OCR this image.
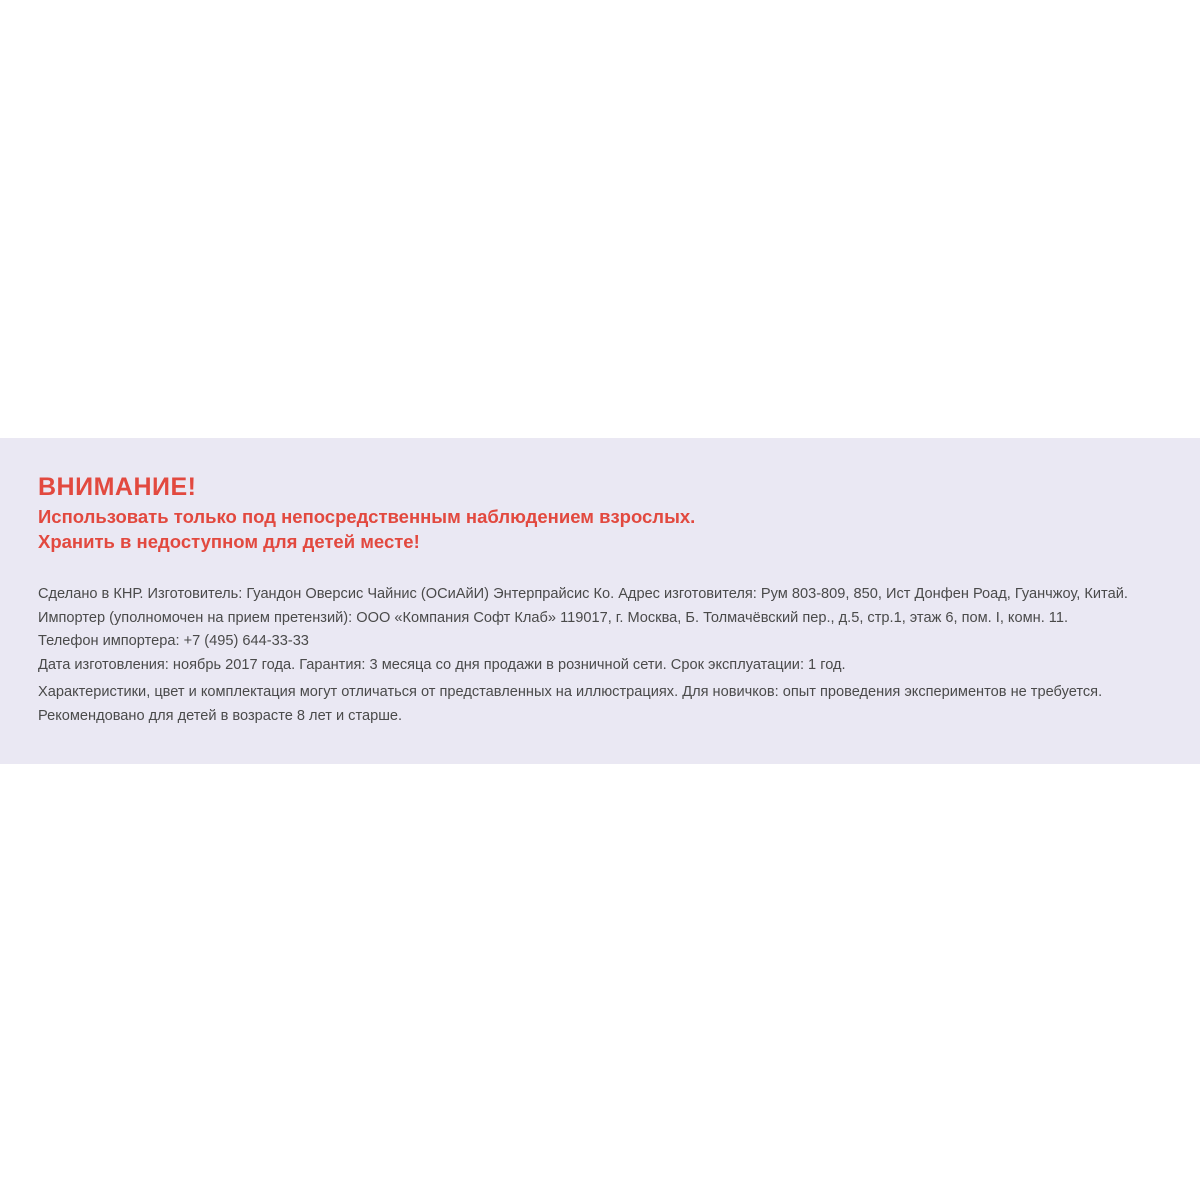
ВНИМАНИЕ!

Использовать только под непосредственным наблюдением взрослых.

Хранить в недоступном для детей месте!

Сделано в КНР. Изготовитель: Гуандон Оверсис Чайнис (ОСиАйИ) Энтерпрайсис Ко. Адрес изготовителя: Рум 803-809, 850, Ист Донфен Роад, Гуанчжоу, Китай.

Импортер (уполномочен на прием претензий): ООО «Компания Софт Клаб» 119017, г. Москва, Б. Толмачёвский пер., д.5, стр.1, этаж 6, пом. I, комн. 11.

Телефон импортера: +7 (495) 644-33-33

Дата изготовления: ноябрь 2017 года. Гарантия: 3 месяца со дня продажи в розничной сети. Срок эксплуатации: 1 год.

Характеристики, цвет и комплектация могут отличаться от представленных на иллюстрациях. Для новичков: опыт проведения экспериментов не требуется.

Рекомендовано для детей в возрасте 8 лет и старше.
